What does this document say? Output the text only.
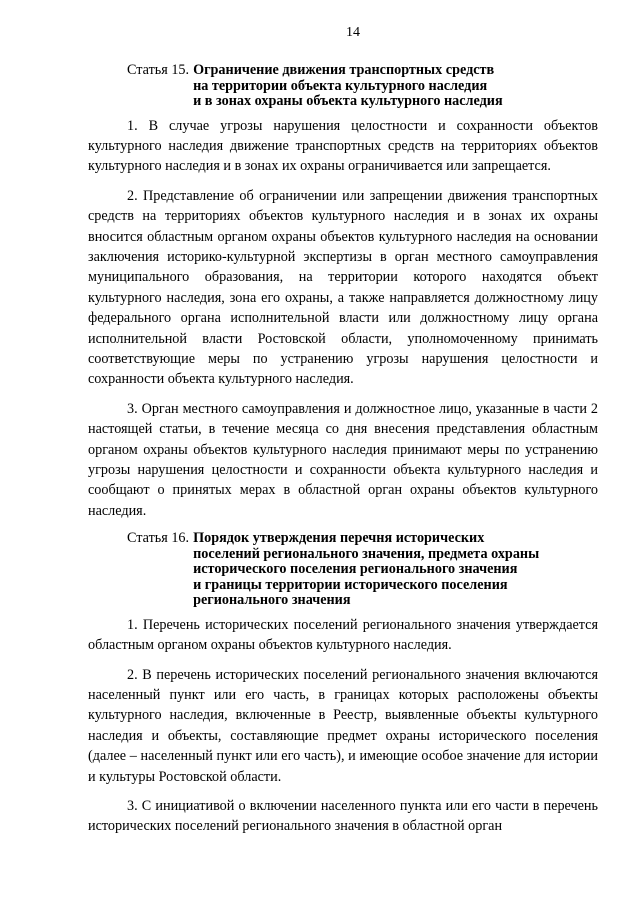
14
Статья 15. Ограничение движения транспортных средств
на территории объекта культурного наследия
и в зонах охраны объекта культурного наследия

1. В случае угрозы нарушения целостности и сохранности объектов культурного наследия движение транспортных средств на территориях объектов культурного наследия и в зонах их охраны ограничивается или запрещается.

2. Представление об ограничении или запрещении движения транспортных средств на территориях объектов культурного наследия и в зонах их охраны вносится областным органом охраны объектов культурного наследия на основании заключения историко-культурной экспертизы в орган местного самоуправления муниципального образования, на территории которого находятся объект культурного наследия, зона его охраны, а также направляется должностному лицу федерального органа исполнительной власти или должностному лицу органа исполнительной власти Ростовской области, уполномоченному принимать соответствующие меры по устранению угрозы нарушения целостности и сохранности объекта культурного наследия.

3. Орган местного самоуправления и должностное лицо, указанные в части 2 настоящей статьи, в течение месяца со дня внесения представления областным органом охраны объектов культурного наследия принимают меры по устранению угрозы нарушения целостности и сохранности объекта культурного наследия и сообщают о принятых мерах в областной орган охраны объектов культурного наследия.

Статья 16. Порядок утверждения перечня исторических
поселений регионального значения, предмета охраны
исторического поселения регионального значения
и границы территории исторического поселения
регионального значения

1. Перечень исторических поселений регионального значения утверждается областным органом охраны объектов культурного наследия.

2. В перечень исторических поселений регионального значения включаются населенный пункт или его часть, в границах которых расположены объекты культурного наследия, включенные в Реестр, выявленные объекты культурного наследия и объекты, составляющие предмет охраны исторического поселения (далее – населенный пункт или его часть), и имеющие особое значение для истории и культуры Ростовской области.

3. С инициативой о включении населенного пункта или его части в перечень исторических поселений регионального значения в областной орган
